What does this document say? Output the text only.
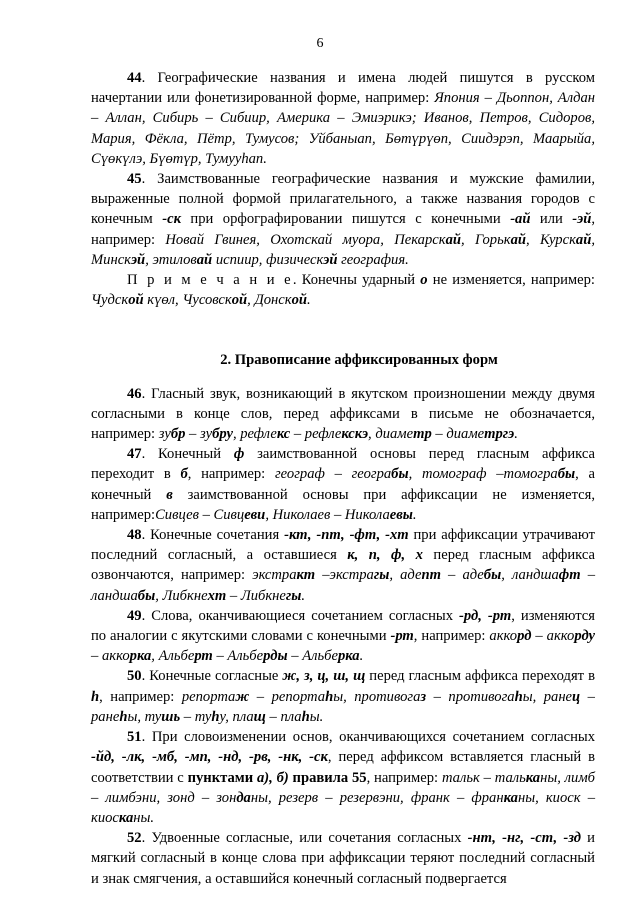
6

44. Географические названия и имена людей пишутся в русском начертании или фонетизированной форме, например: Япония – Дьоппон, Алдан – Аллан, Сибирь – Сибиир, Америка – Эмиэрикэ; Иванов, Петров, Сидоров, Мария, Фёкла, Пётр, Тумусов; Уйбаныап, Бөтүрүөп, Сиидэрэп, Маарыйа, Сүөкүлэ, Бүөтүр, Тумууһап.

45. Заимствованные географические названия и мужские фамилии, выраженные полной формой прилагательного, а также названия городов с конечным -ск при орфографировании пишутся с конечными -ай или -эй, например: Новай Гвинея, Охотскай муора, Пекарскай, Горькай, Курскай, Минскэй, этиловай испиир, физическэй география.

П р и м е ч а н и е. Конечны ударный о не изменяется, например: Чудской күөл, Чусовской, Донской.

2. Правописание аффиксированных форм

46. Гласный звук, возникающий в якутском произношении между двумя согласными в конце слов, перед аффиксами в письме не обозначается, например: зубр – зубру, рефлекс – рефлекскэ, диаметр – диаметргэ.

47. Конечный ф заимствованной основы перед гласным аффикса переходит в б, например: географ – геограбы, томограф –томограбы, а конечный в заимствованной основы при аффиксации не изменяется, например:Сивцев – Сивцеви, Николаев – Николаевы.

48. Конечные сочетания -кт, -пт, -фт, -хт при аффиксации утрачивают последний согласный, а оставшиеся к, п, ф, х перед гласным аффикса озвончаются, например: экстракт –экстрагы, адепт – адебы, ландшафт – ландшабы, Либкнехт – Либкнегы.

49. Слова, оканчивающиеся сочетанием согласных -рд, -рт, изменяются по аналогии с якутскими словами с конечными -рт, например: аккорд – аккорду – аккорка, Альберт – Альберды – Альберка.

50. Конечные согласные ж, з, ц, ш, щ перед гласным аффикса переходят в һ, например: репортаж – репортаһы, противогаз – противогаһы, ранец – ранеһы, тушь – туһу, плащ – плаһы.

51. При словоизменении основ, оканчивающихся сочетанием согласных -йд, -лк, -мб, -мп, -нд, -рв, -нк, -ск, перед аффиксом вставляется гласный в соответствии с пунктами а), б) правила 55, например: тальк – тальканы, лимб – лимбэни, зонд – зонданы, резерв – резервэни, франк – франканы, киоск – киосканы.

52. Удвоенные согласные, или сочетания согласных -нт, -нг, -ст, -зд и мягкий согласный в конце слова при аффиксации теряют последний согласный и знак смягчения, а оставшийся конечный согласный подвергается
